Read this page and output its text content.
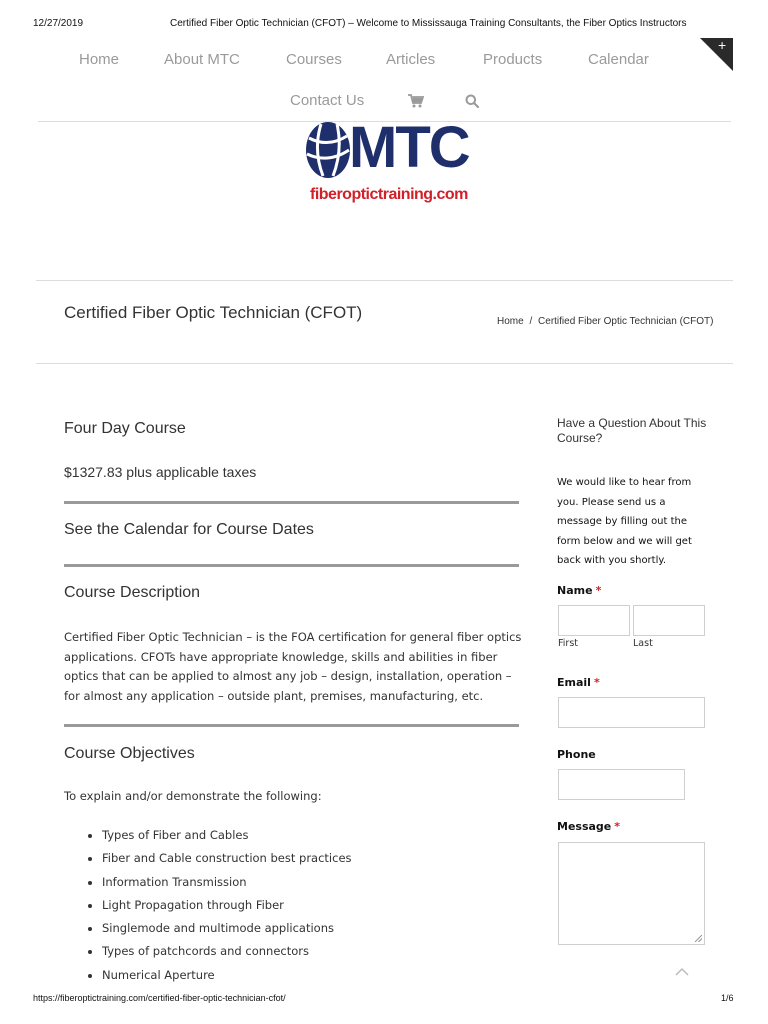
12/27/2019	Certified Fiber Optic Technician (CFOT) – Welcome to Mississauga Training Consultants, the Fiber Optics Instructors
Home	About MTC	Courses	Articles	Products	Calendar
Contact Us
+
MTC
fiberoptictraining.com
Certified Fiber Optic Technician (CFOT)	Home / Certified Fiber Optic Technician (CFOT)
Four Day Course
$1327.83 plus applicable taxes
See the Calendar for Course Dates
Course Description

Certified Fiber Optic Technician – is the FOA certification for general fiber optics applications. CFOTs have appropriate knowledge, skills and abilities in fiber optics that can be applied to almost any job – design, installation, operation – for almost any application – outside plant, premises, manufacturing, etc.

Course Objectives
To explain and/or demonstrate the following:
• Types of Fiber and Cables
• Fiber and Cable construction best practices
• Information Transmission
• Light Propagation through Fiber
• Singlemode and multimode applications
• Types of patchcords and connectors
• Numerical Aperture
Have a Question About This Course?

We would like to hear from you. Please send us a message by filling out the form below and we will get back with you shortly.

Name *
First	Last
Email *
Phone
Message *
https://fiberoptictraining.com/certified-fiber-optic-technician-cfot/	1/6
